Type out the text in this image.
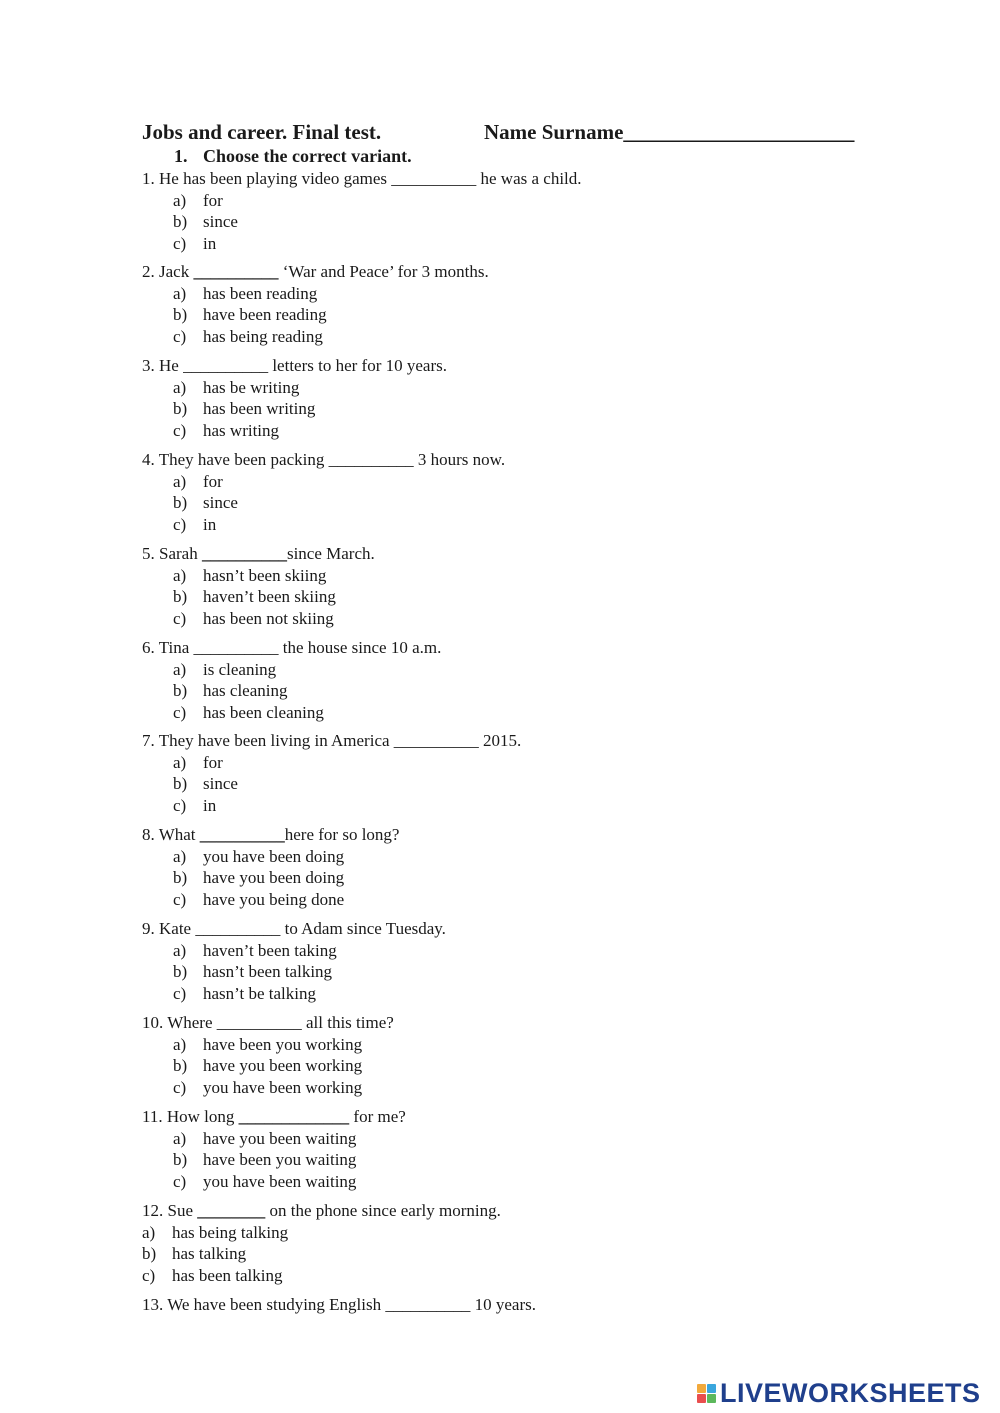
Jobs and career. Final test.	Name Surname______________________
1. Choose the correct variant.
1. He has been playing video games __________ he was a child.
a) for
b) since
c) in
2. Jack __________ ‘War and Peace’ for 3 months.
a) has been reading
b) have been reading
c) has being reading
3. He __________ letters to her for 10 years.
a) has be writing
b) has been writing
c) has writing
4. They have been packing __________ 3 hours now.
a) for
b) since
c) in
5. Sarah __________since March.
a) hasn’t been skiing
b) haven’t been skiing
c) has been not skiing
6. Tina __________ the house since 10 a.m.
a) is cleaning
b) has cleaning
c) has been cleaning
7. They have been living in America __________ 2015.
a) for
b) since
c) in
8. What __________here for so long?
a) you have been doing
b) have you been doing
c) have you being done
9. Kate __________ to Adam since Tuesday.
a) haven’t been taking
b) hasn’t been talking
c) hasn’t be talking
10. Where __________ all this time?
a) have been you working
b) have you been working
c) you have been working
11. How long _____________ for me?
a) have you been waiting
b) have been you waiting
c) you have been waiting
12. Sue ________ on the phone since early morning.
a) has being talking
b) has talking
c) has been talking
13. We have been studying English __________ 10 years.
LIVEWORKSHEETS
